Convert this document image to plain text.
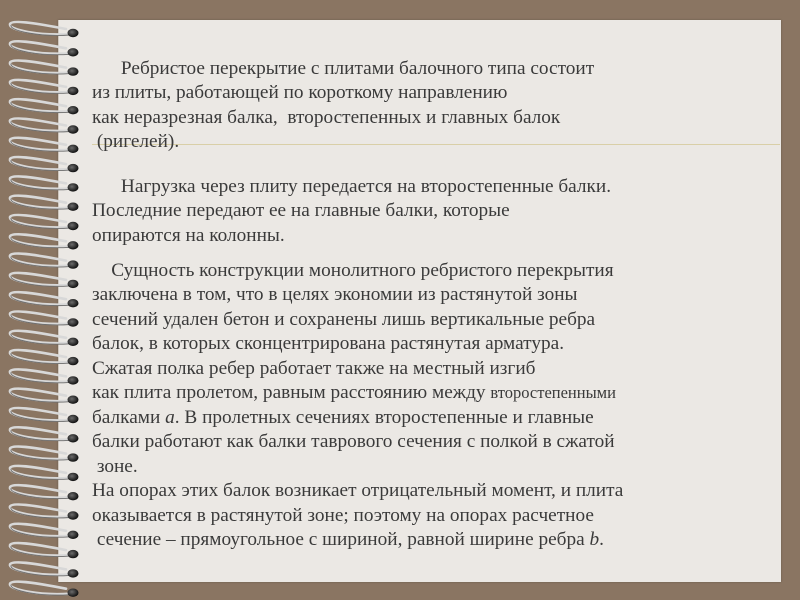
Ребристое перекрытие с плитами балочного типа состоит
из плиты, работающей по короткому направлению
как неразрезная балка,  второстепенных и главных балок
(ригелей).

Нагрузка через плиту передается на второстепенные балки.
Последние передают ее на главные балки, которые
опираются на колонны.

Сущность конструкции монолитного ребристого перекрытия
заключена в том, что в целях экономии из растянутой зоны
сечений удален бетон и сохранены лишь вертикальные ребра
балок, в которых сконцентрирована растянутая арматура.
Сжатая полка ребер работает также на местный изгиб
как плита пролетом, равным расстоянию между второстепенными
балками a. В пролетных сечениях второстепенные и главные
балки работают как балки таврового сечения с полкой в сжатой
зоне.
На опорах этих балок возникает отрицательный момент, и плита
оказывается в растянутой зоне; поэтому на опорах расчетное
сечение – прямоугольное с шириной, равной ширине ребра b.
